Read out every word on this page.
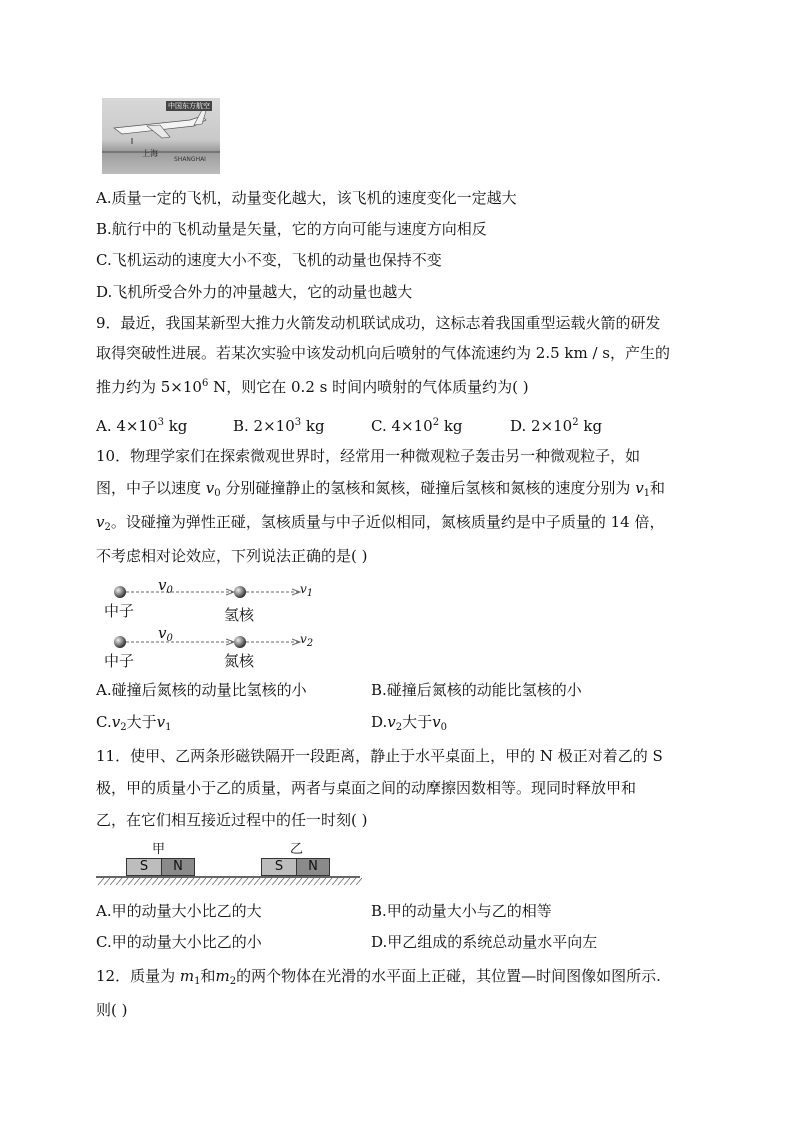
中国东方航空
上海
SHANGHAI
A.质量一定的飞机，动量变化越大，该飞机的速度变化一定越大
B.航行中的飞机动量是矢量，它的方向可能与速度方向相反
C.飞机运动的速度大小不变，飞机的动量也保持不变
D.飞机所受合外力的冲量越大，它的动量也越大
9．最近，我国某新型大推力火箭发动机联试成功，这标志着我国重型运载火箭的研发
取得突破性进展。若某次实验中该发动机向后喷射的气体流速约为 2.5 km / s，产生的
推力约为 $5\times 10^6$ N，则它在 0.2 s 时间内喷射的气体质量约为( )
A. $4\times 10^3$ kg	B. $2\times 10^3$ kg	C. $4\times 10^2$ kg	D. $2\times 10^2$ kg
10．物理学家们在探索微观世界时，经常用一种微观粒子轰击另一种微观粒子，如
图，中子以速度 $v_0$ 分别碰撞静止的氢核和氮核，碰撞后氢核和氮核的速度分别为 $v_1$和
$v_2$。设碰撞为弹性正碰，氢核质量与中子近似相同，氮核质量约是中子质量的 14 倍，
不考虑相对论效应，下列说法正确的是( )
$v_0$	$v_1$
中子	氢核
$v_0$	$v_2$
中子	氮核
A.碰撞后氮核的动量比氢核的小	B.碰撞后氮核的动能比氢核的小
$C.v_2$大于$v_1$	$D.v_2$大于$v_0$
11．使甲、乙两条形磁铁隔开一段距离，静止于水平桌面上，甲的 N 极正对着乙的 S
极，甲的质量小于乙的质量，两者与桌面之间的动摩擦因数相等。现同时释放甲和
乙，在它们相互接近过程中的任一时刻( )
甲	乙
S	N	S	N
A.甲的动量大小比乙的大	B.甲的动量大小与乙的相等
C.甲的动量大小比乙的小	D.甲乙组成的系统总动量水平向左
12．质量为 $m_1$和$m_2$的两个物体在光滑的水平面上正碰，其位置—时间图像如图所示.
则( )
